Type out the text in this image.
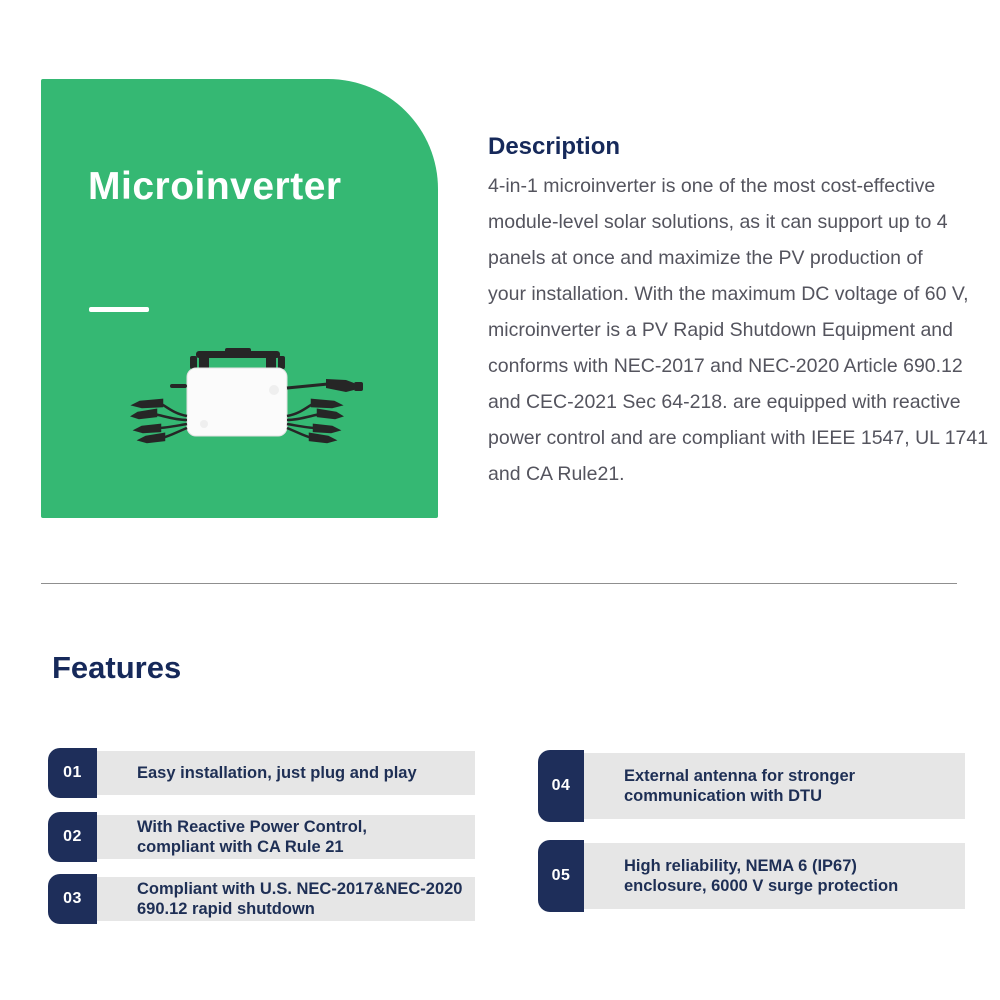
Microinverter
Description
4-in-1 microinverter is one of the most cost-effective
module-level solar solutions, as it can support up to 4
panels at once and maximize the PV production of
your installation. With the maximum DC voltage of 60 V,
microinverter is a PV Rapid Shutdown Equipment and
conforms with NEC-2017 and NEC-2020 Article 690.12
and CEC-2021 Sec 64-218. are equipped with reactive
power control and are compliant with IEEE 1547, UL 1741
and CA Rule21.
Features
01	Easy installation, just plug and play
02
With Reactive Power Control,
compliant with CA Rule 21
03
Compliant with U.S. NEC-2017&NEC-2020
690.12 rapid shutdown
04
External antenna for stronger
communication with DTU
05
High reliability, NEMA 6 (IP67)
enclosure, 6000 V surge protection
